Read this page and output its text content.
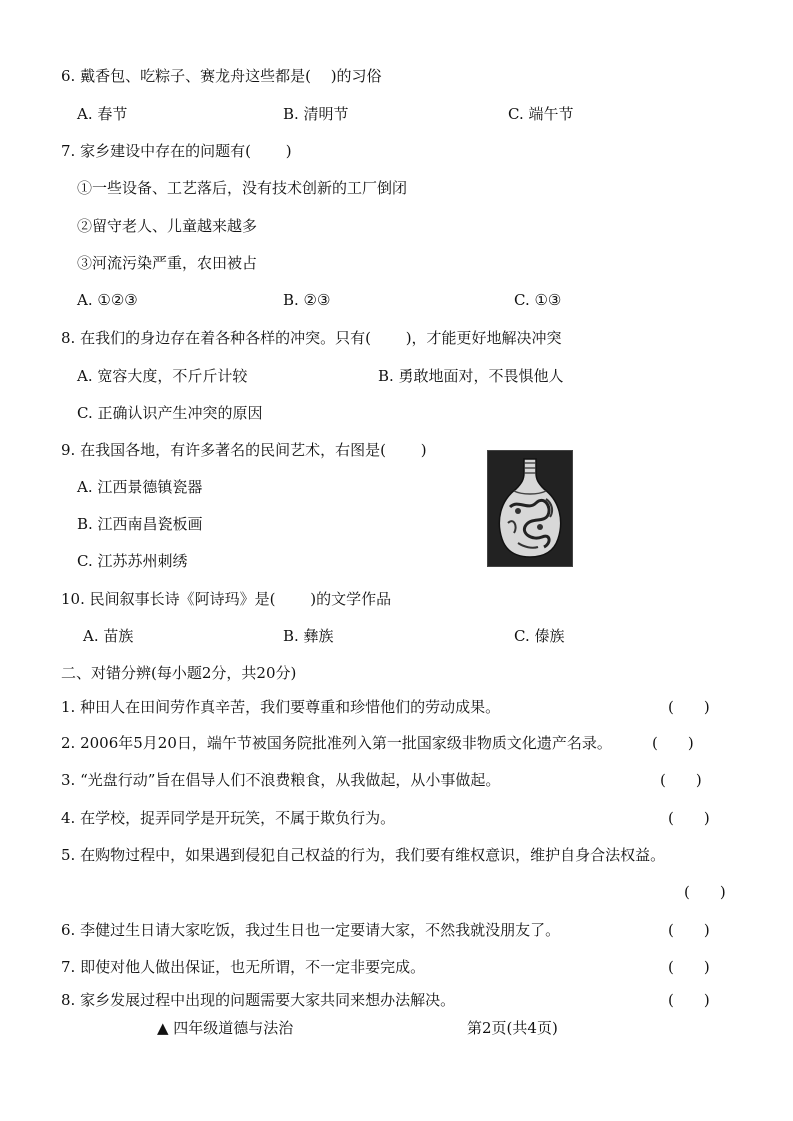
6. 戴香包、吃粽子、赛龙舟这些都是(　 )的习俗
A. 春节	B. 清明节	C. 端午节
7. 家乡建设中存在的问题有(　 　)
①一些设备、工艺落后，没有技术创新的工厂倒闭
②留守老人、儿童越来越多
③河流污染严重，农田被占
A. ①②③	B. ②③	C. ①③
8. 在我们的身边存在着各种各样的冲突。只有(　 　)，才能更好地解决冲突
A. 宽容大度，不斤斤计较	B. 勇敢地面对，不畏惧他人
C. 正确认识产生冲突的原因
9. 在我国各地，有许多著名的民间艺术，右图是(　 　)
A. 江西景德镇瓷器
B. 江西南昌瓷板画
C. 江苏苏州刺绣
10. 民间叙事长诗《阿诗玛》是(　 　)的文学作品
A. 苗族	B. 彝族	C. 傣族
二、对错分辨(每小题2分，共20分)
1. 种田人在田间劳作真辛苦，我们要尊重和珍惜他们的劳动成果。	(　　)
2. 2006年5月20日，端午节被国务院批准列入第一批国家级非物质文化遗产名录。	(　　)
3. “光盘行动”旨在倡导人们不浪费粮食，从我做起，从小事做起。	(　　)
4. 在学校，捉弄同学是开玩笑，不属于欺负行为。	(　　)
5. 在购物过程中，如果遇到侵犯自己权益的行为，我们要有维权意识，维护自身合法权益。
(　　)
6. 李健过生日请大家吃饭，我过生日也一定要请大家，不然我就没朋友了。	(　　)
7. 即使对他人做出保证，也无所谓，不一定非要完成。	(　　)
8. 家乡发展过程中出现的问题需要大家共同来想办法解决。	(　　)
▲ 四年级道德与法治	第2页(共4页)
